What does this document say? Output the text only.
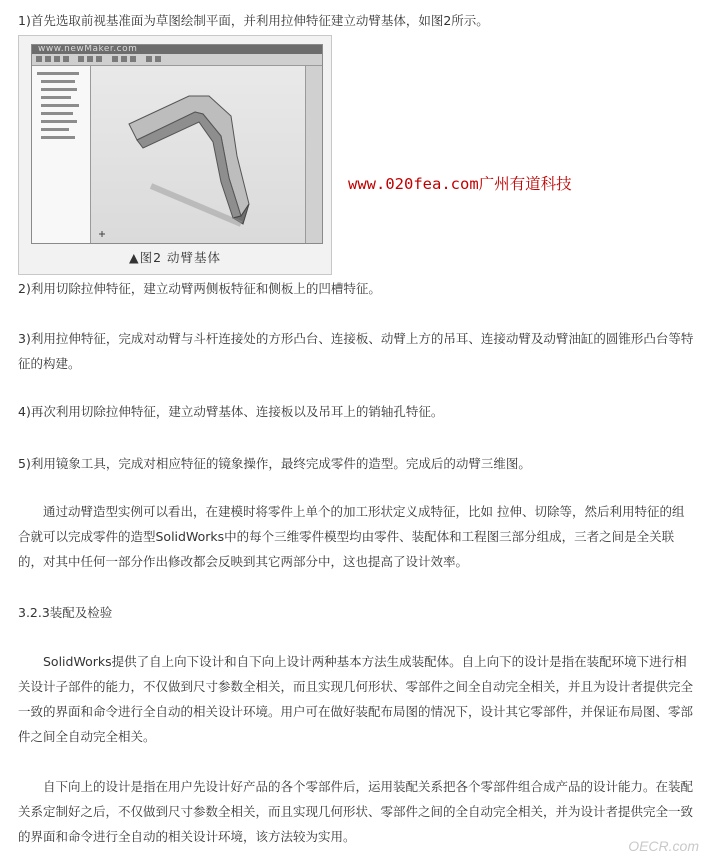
1)首先选取前视基准面为草图绘制平面，并利用拉伸特征建立动臂基体，如图2所示。

www.newMaker.com
▲图2 动臂基体
www.020fea.com广州有道科技

2)利用切除拉伸特征，建立动臂两侧板特征和侧板上的凹槽特征。

3)利用拉伸特征，完成对动臂与斗杆连接处的方形凸台、连接板、动臂上方的吊耳、连接动臂及动臂油缸的圆锥形凸台等特征的构建。

4)再次利用切除拉伸特征，建立动臂基体、连接板以及吊耳上的销轴孔特征。

5)利用镜象工具，完成对相应特征的镜象操作，最终完成零件的造型。完成后的动臂三维图。

通过动臂造型实例可以看出，在建模时将零件上单个的加工形状定义成特征，比如 拉伸、切除等，然后利用特征的组合就可以完成零件的造型SolidWorks中的每个三维零件模型均由零件、装配体和工程图三部分组成，三者之间是全关联的，对其中任何一部分作出修改都会反映到其它两部分中，这也提高了设计效率。

3.2.3装配及检验

SolidWorks提供了自上向下设计和自下向上设计两种基本方法生成装配体。自上向下的设计是指在装配环境下进行相关设计子部件的能力，不仅做到尺寸参数全相关，而且实现几何形状、零部件之间全自动完全相关，并且为设计者提供完全一致的界面和命令进行全自动的相关设计环境。用户可在做好装配布局图的情况下，设计其它零部件，并保证布局图、零部件之间全自动完全相关。

自下向上的设计是指在用户先设计好产品的各个零部件后，运用装配关系把各个零部件组合成产品的设计能力。在装配关系定制好之后，不仅做到尺寸参数全相关，而且实现几何形状、零部件之间的全自动完全相关，并为设计者提供完全一致的界面和命令进行全自动的相关设计环境，该方法较为实用。

OECR.com
